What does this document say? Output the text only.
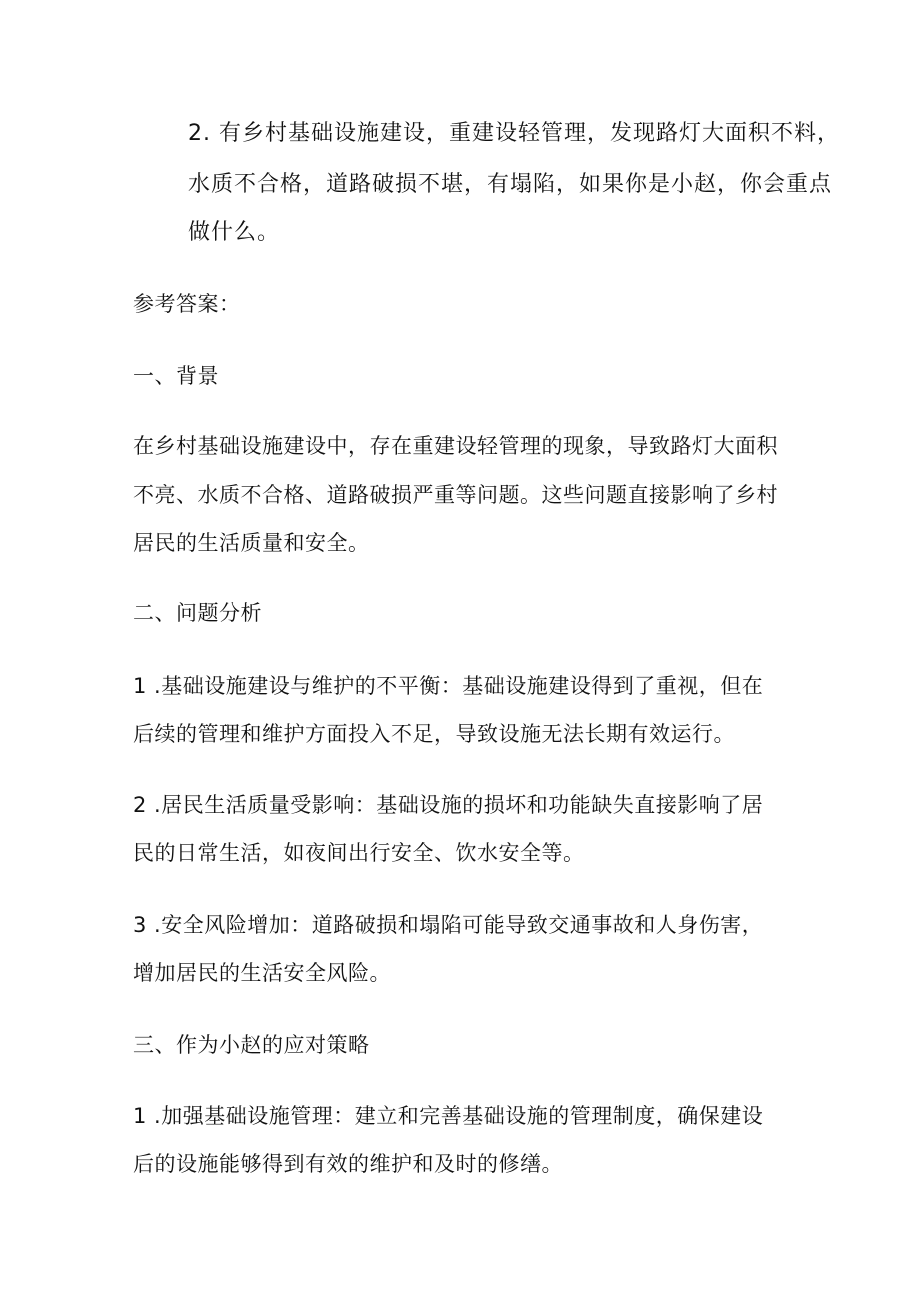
2. 有乡村基础设施建设，重建设轻管理，发现路灯大面积不料，
水质不合格，道路破损不堪，有塌陷，如果你是小赵，你会重点
做什么。
参考答案：
一、背景
在乡村基础设施建设中，存在重建设轻管理的现象，导致路灯大面积
不亮、水质不合格、道路破损严重等问题。这些问题直接影响了乡村
居民的生活质量和安全。
二、问题分析
1 .基础设施建设与维护的不平衡：基础设施建设得到了重视，但在
后续的管理和维护方面投入不足，导致设施无法长期有效运行。
2 .居民生活质量受影响：基础设施的损坏和功能缺失直接影响了居
民的日常生活，如夜间出行安全、饮水安全等。
3 .安全风险增加：道路破损和塌陷可能导致交通事故和人身伤害，
增加居民的生活安全风险。
三、作为小赵的应对策略
1 .加强基础设施管理：建立和完善基础设施的管理制度，确保建设
后的设施能够得到有效的维护和及时的修缮。
